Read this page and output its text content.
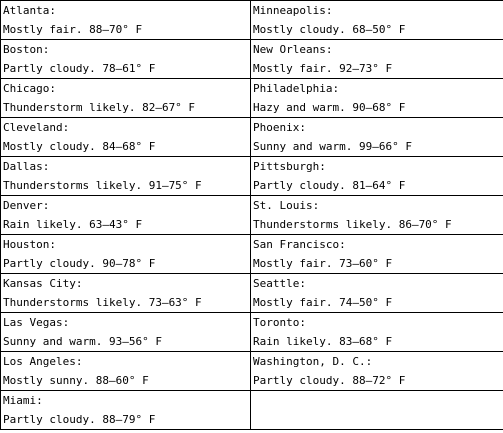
Atlanta:
Mostly fair. 88—70° F	Minneapolis:
Mostly cloudy. 68—50° F

Boston:
Partly cloudy. 78—61° F	New Orleans:
Mostly fair. 92—73° F

Chicago:
Thunderstorm likely. 82—67° F	Philadelphia:
Hazy and warm. 90—68° F

Cleveland:
Mostly cloudy. 84—68° F	Phoenix:
Sunny and warm. 99—66° F

Dallas:
Thunderstorms likely. 91—75° F	Pittsburgh:
Partly cloudy. 81—64° F

Denver:
Rain likely. 63—43° F	St. Louis:
Thunderstorms likely. 86—70° F

Houston:
Partly cloudy. 90—78° F	San Francisco:
Mostly fair. 73—60° F

Kansas City:
Thunderstorms likely. 73—63° F	Seattle:
Mostly fair. 74—50° F

Las Vegas:
Sunny and warm. 93—56° F	Toronto:
Rain likely. 83—68° F

Los Angeles:
Mostly sunny. 88—60° F	Washington, D. C.:
Partly cloudy. 88—72° F

Miami:
Partly cloudy. 88—79° F	
